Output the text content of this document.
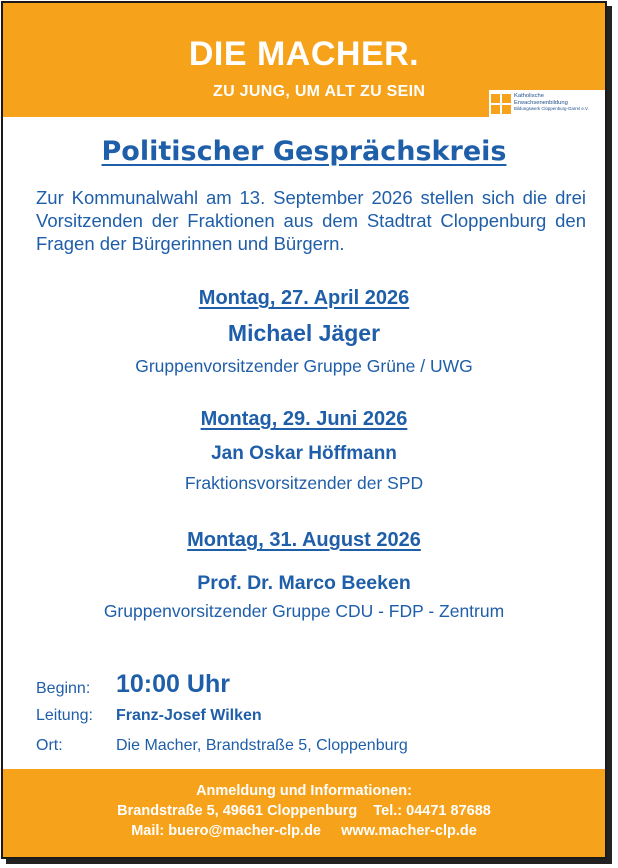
DIE MACHER.
ZU JUNG, UM ALT ZU SEIN	Katholische
Erwachsenenbildung
Bildungswerk Cloppenburg-Garrel e.V.
Politischer Gesprächskreis
Zur Kommunalwahl am 13. September 2026 stellen sich die drei Vorsitzenden der Fraktionen aus dem Stadtrat Cloppenburg den Fragen der Bürgerinnen und Bürgern.
Montag, 27. April 2026
Michael Jäger
Gruppenvorsitzender Gruppe Grüne / UWG
Montag, 29. Juni 2026
Jan Oskar Höffmann
Fraktionsvorsitzender der SPD
Montag, 31. August 2026
Prof. Dr. Marco Beeken
Gruppenvorsitzender Gruppe CDU - FDP - Zentrum
Beginn: 10:00 Uhr
Leitung: Franz-Josef Wilken
Ort:	Die Macher, Brandstraße 5, Cloppenburg
Anmeldung und Informationen:
Brandstraße 5, 49661 Cloppenburg    Tel.: 04471 87688
Mail: buero@macher-clp.de     www.macher-clp.de
